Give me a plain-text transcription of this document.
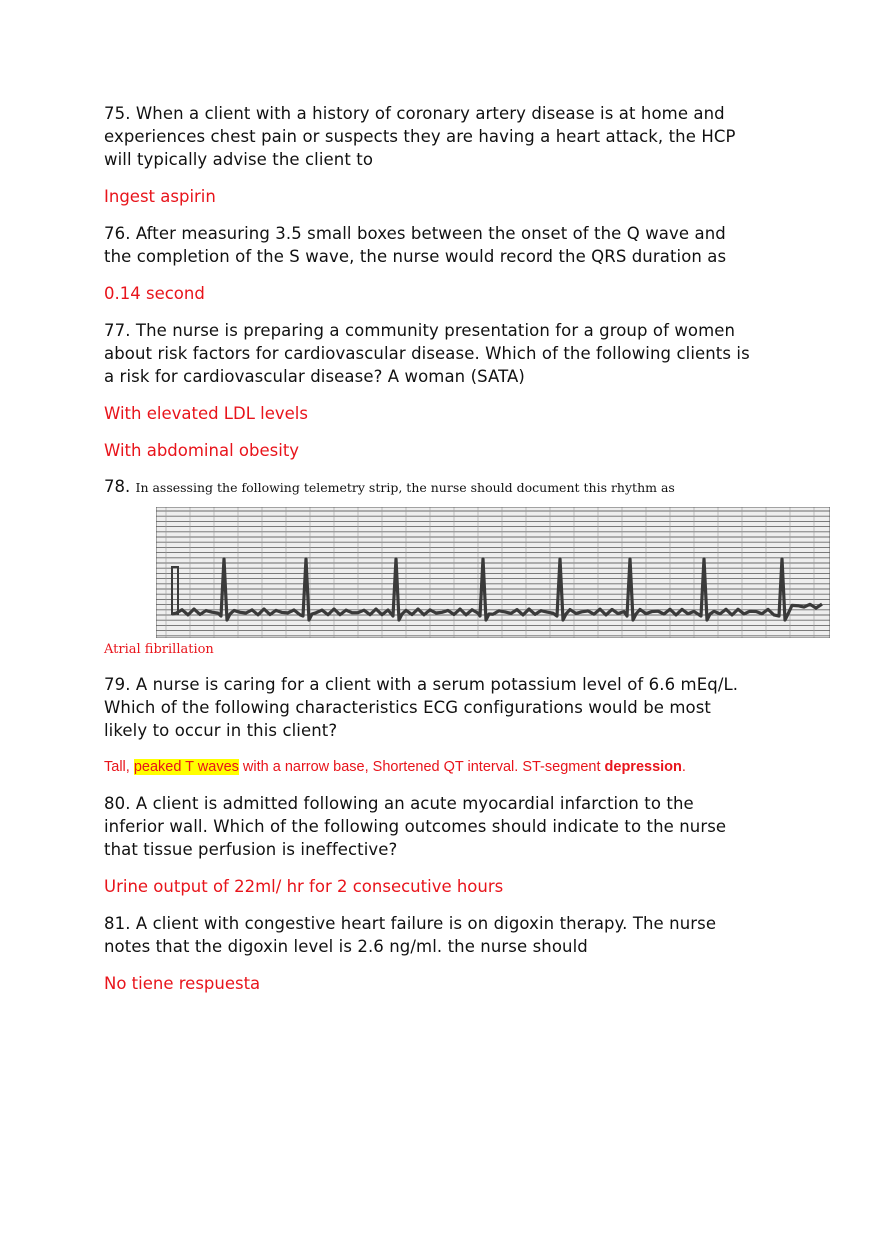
75. When a client with a history of coronary artery disease is at home and
experiences chest pain or suspects they are having a heart attack, the HCP
will typically advise the client to
Ingest aspirin
76. After measuring 3.5 small boxes between the onset of the Q wave and
the completion of the S wave, the nurse would record the QRS duration as
0.14 second
77. The nurse is preparing a community presentation for a group of women
about risk factors for cardiovascular disease. Which of the following clients is
a risk for cardiovascular disease? A woman (SATA)
With elevated LDL levels
With abdominal obesity
78. In assessing the following telemetry strip, the nurse should document this rhythm as
Atrial fibrillation
79. A nurse is caring for a client with a serum potassium level of 6.6 mEq/L.
Which of the following characteristics ECG configurations would be most
likely to occur in this client?
Tall, peaked T waves with a narrow base, Shortened QT interval. ST-segment depression.
80. A client is admitted following an acute myocardial infarction to the
inferior wall. Which of the following outcomes should indicate to the nurse
that tissue perfusion is ineffective?
Urine output of 22ml/ hr for 2 consecutive hours
81. A client with congestive heart failure is on digoxin therapy. The nurse
notes that the digoxin level is 2.6 ng/ml. the nurse should
No tiene respuesta
